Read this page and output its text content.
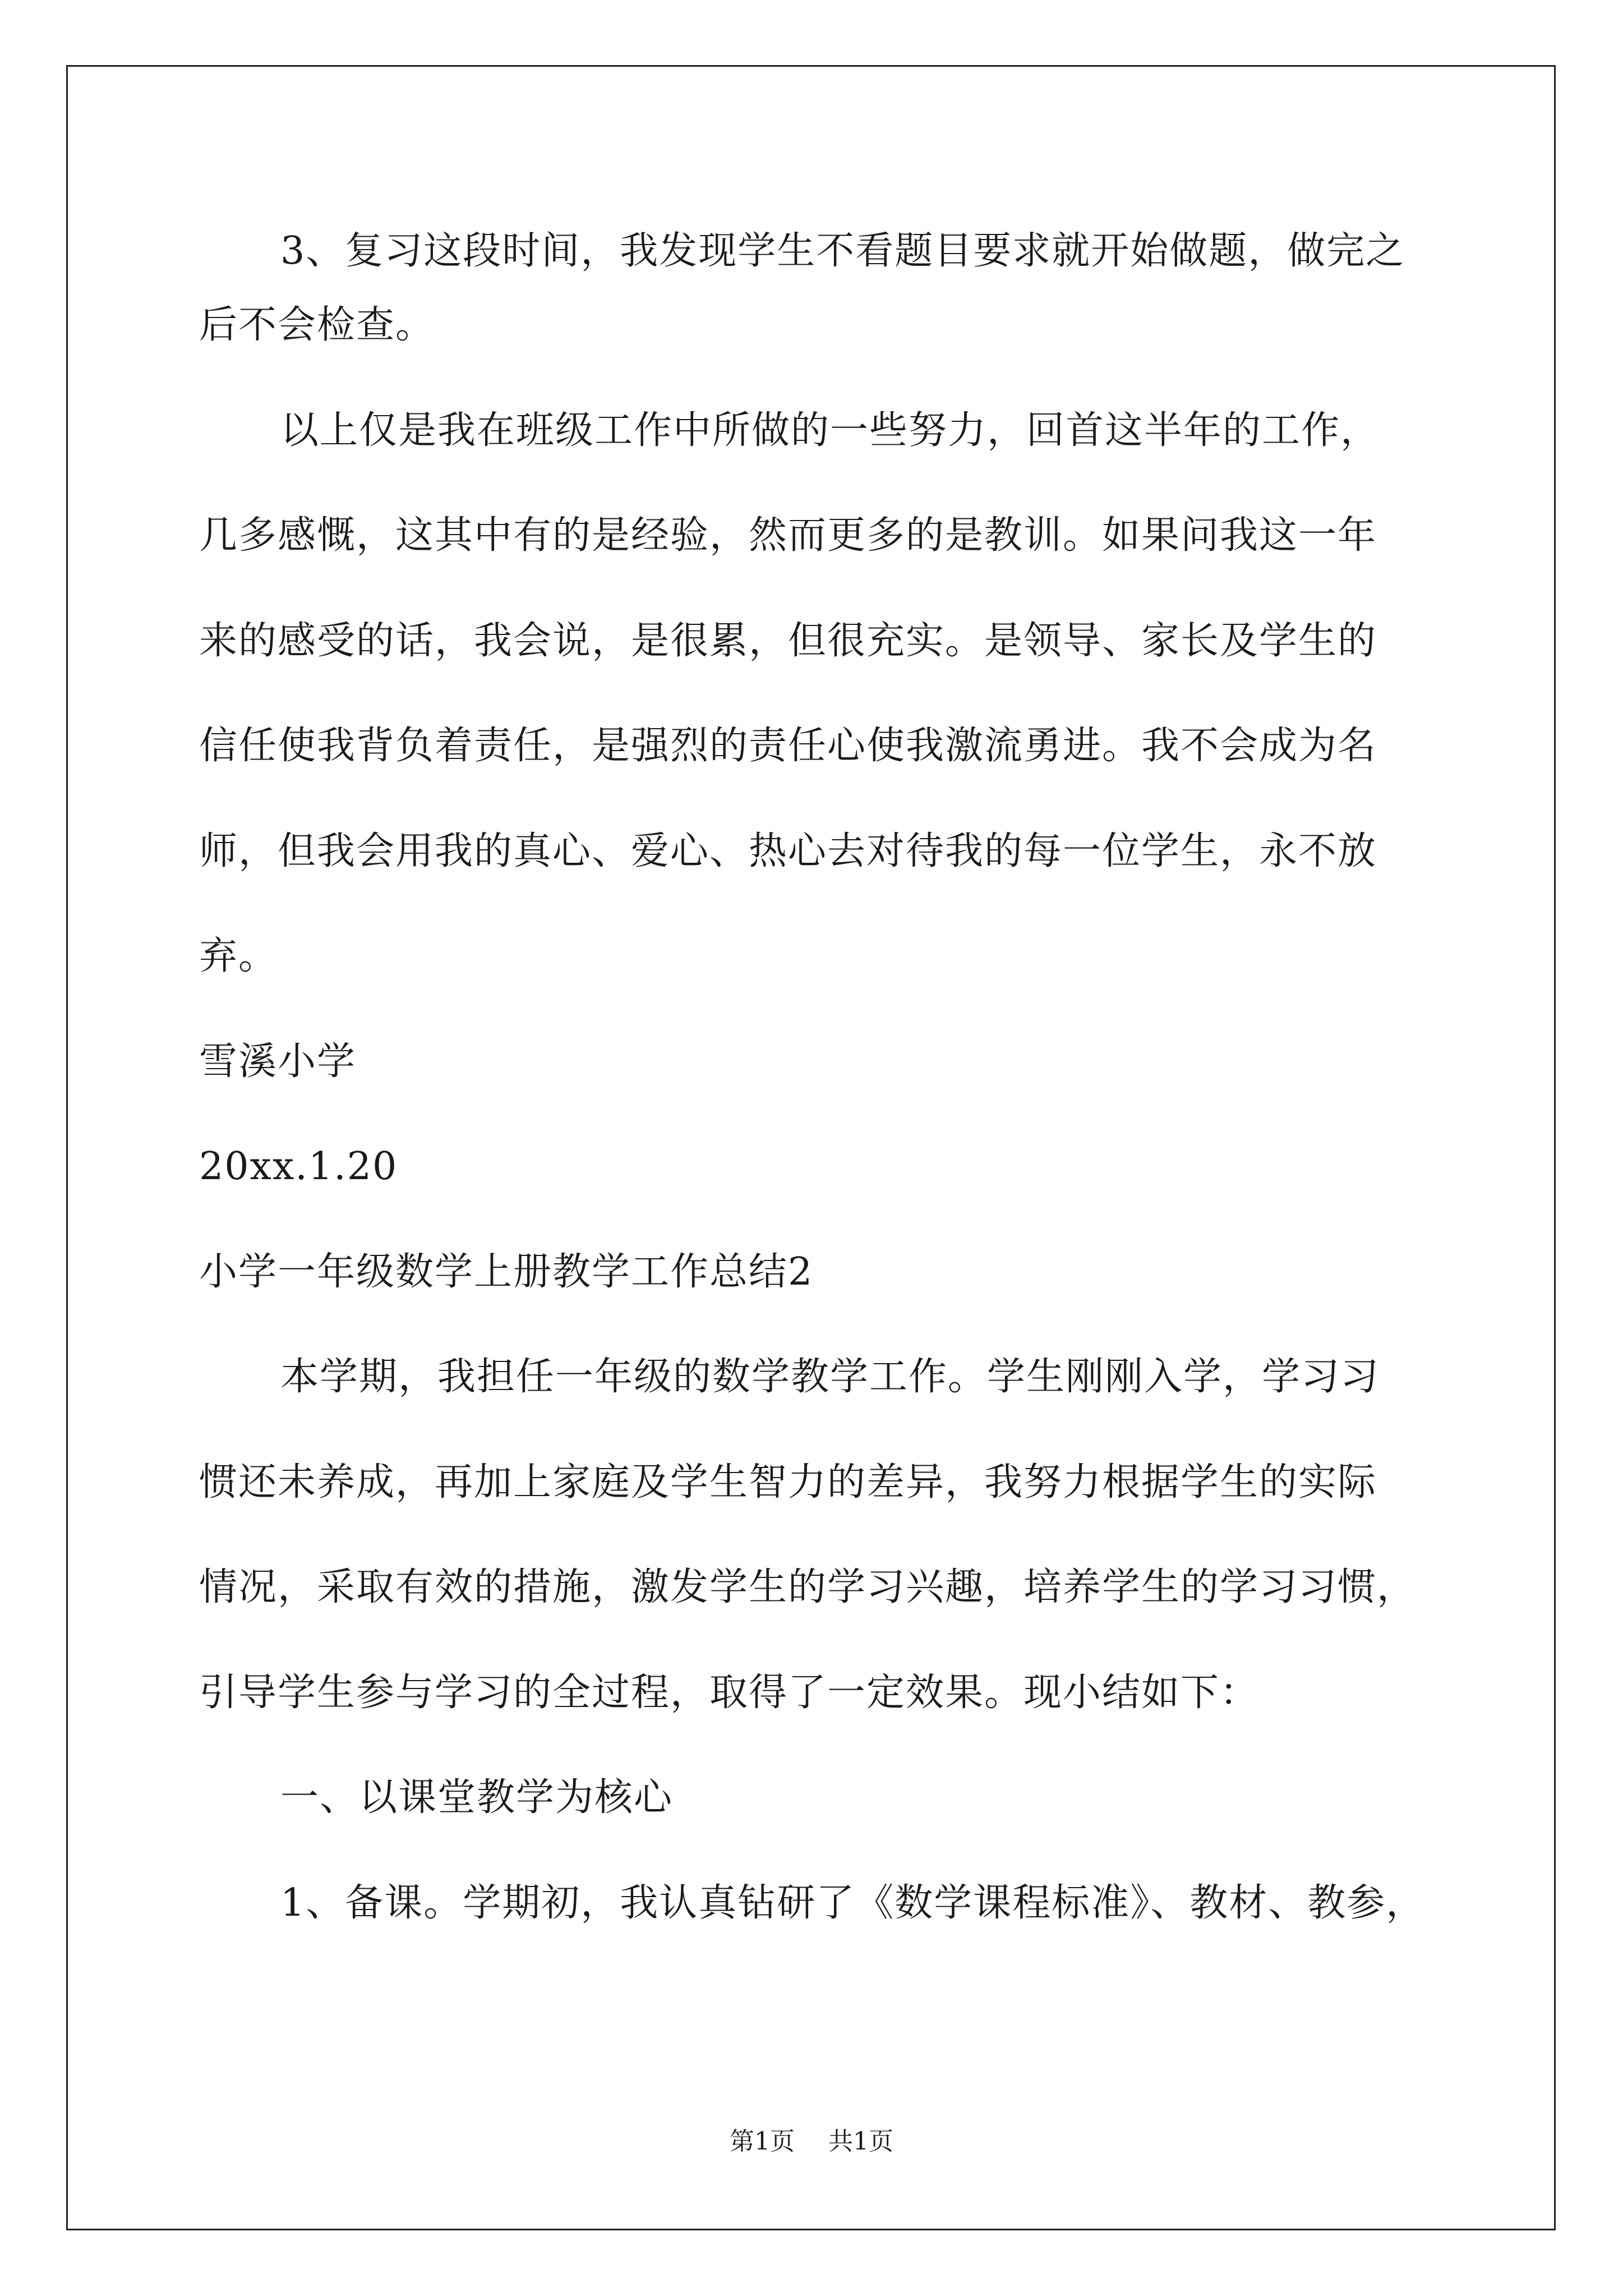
3、复习这段时间，我发现学生不看题目要求就开始做题，做完之
后不会检查。
以上仅是我在班级工作中所做的一些努力，回首这半年的工作，
几多感慨，这其中有的是经验，然而更多的是教训。如果问我这一年
来的感受的话，我会说，是很累，但很充实。是领导、家长及学生的
信任使我背负着责任，是强烈的责任心使我激流勇进。我不会成为名
师，但我会用我的真心、爱心、热心去对待我的每一位学生，永不放
弃。
雪溪小学
20xx.1.20
小学一年级数学上册教学工作总结2
本学期，我担任一年级的数学教学工作。学生刚刚入学，学习习
惯还未养成，再加上家庭及学生智力的差异，我努力根据学生的实际
情况，采取有效的措施，激发学生的学习兴趣，培养学生的学习习惯，
引导学生参与学习的全过程，取得了一定效果。现小结如下：
一、以课堂教学为核心
1、备课。学期初，我认真钻研了《数学课程标准》、教材、教参，
第1页 共1页
